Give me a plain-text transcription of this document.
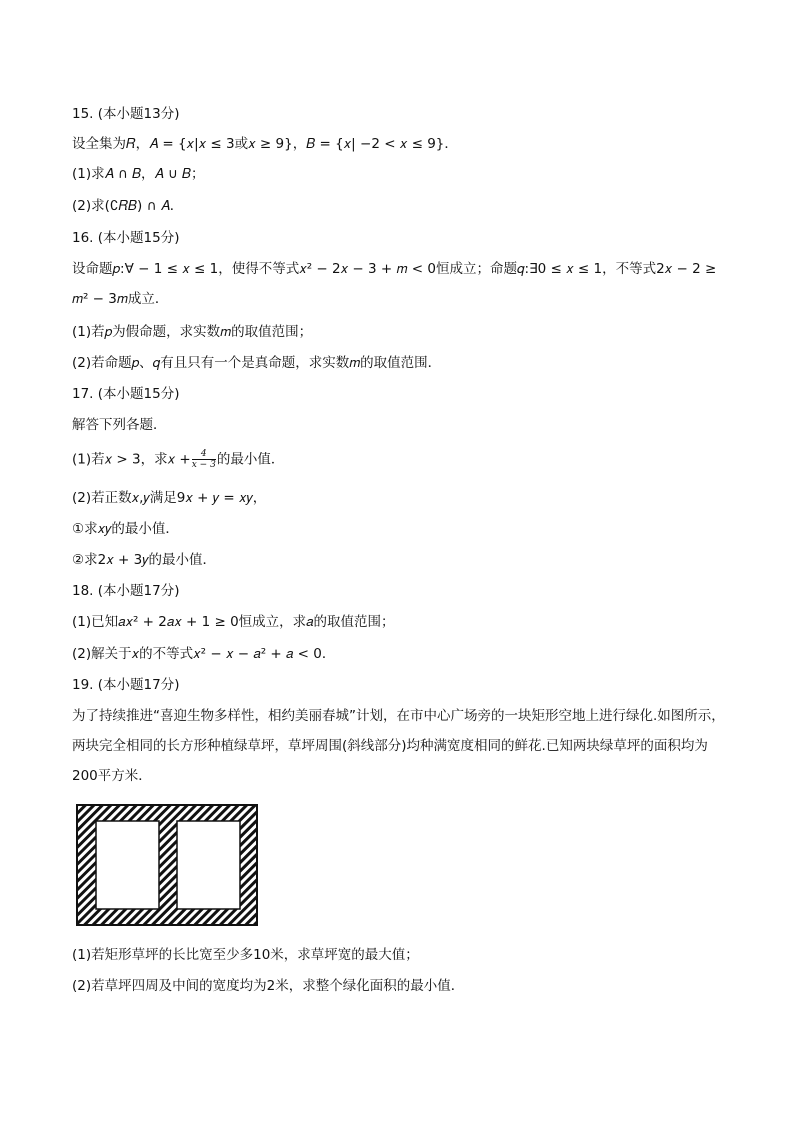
15. (本小题13分)
设全集为𝑅，𝐴 = {𝑥|𝑥 ≤ 3或𝑥 ≥ 9}，𝐵 = {𝑥| −2 < 𝑥 ≤ 9}．
(1)求𝐴 ∩ 𝐵，𝐴 ∪ 𝐵；
(2)求(∁𝑅𝐵) ∩ 𝐴．
16. (本小题15分)
设命题𝑝:∀ − 1 ≤ 𝑥 ≤ 1，使得不等式𝑥² − 2𝑥 − 3 + 𝑚 < 0恒成立；命题𝑞:∃0 ≤ 𝑥 ≤ 1，不等式2𝑥 − 2 ≥ 𝑚² − 3𝑚成立．
(1)若𝑝为假命题，求实数𝑚的取值范围；
(2)若命题𝑝、𝑞有且只有一个是真命题，求实数𝑚的取值范围．
17. (本小题15分)
解答下列各题．
(1)若𝑥 > 3，求𝑥 + $\frac{4}{\text{𝑥 − 3}}$ 的最小值．
(2)若正数𝑥,𝑦满足9𝑥 + 𝑦 = 𝑥𝑦，
①求𝑥𝑦的最小值．
②求2𝑥 + 3𝑦的最小值．
18. (本小题17分)
(1)已知𝑎𝑥² + 2𝑎𝑥 + 1 ≥ 0恒成立，求𝑎的取值范围；
(2)解关于𝑥的不等式𝑥² − 𝑥 − 𝑎² + 𝑎 < 0．
19. (本小题17分)
为了持续推进“喜迎生物多样性，相约美丽春城”计划，在市中心广场旁的一块矩形空地上进行绿化.如图所示，两块完全相同的长方形种植绿草坪，草坪周围(斜线部分)均种满宽度相同的鲜花.已知两块绿草坪的面积均为200平方米．
(1)若矩形草坪的长比宽至少多10米，求草坪宽的最大值；
(2)若草坪四周及中间的宽度均为2米，求整个绿化面积的最小值．
